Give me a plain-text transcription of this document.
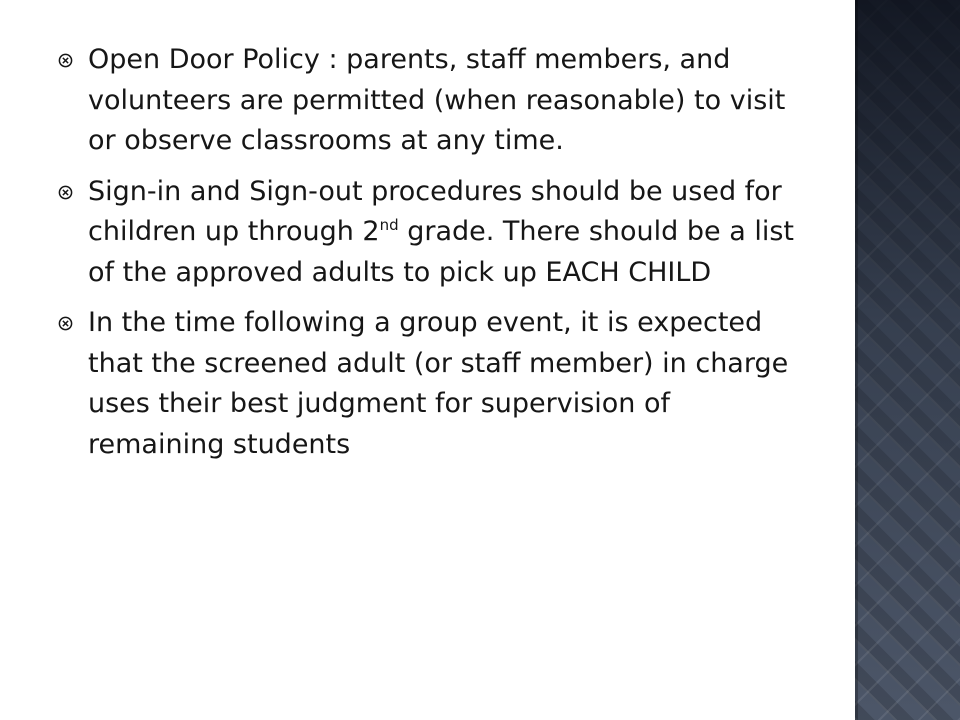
Open Door Policy : parents, staff members, and volunteers are permitted (when reasonable) to visit or observe classrooms at any time.
Sign-in and Sign-out procedures should be used for children up through 2nd grade. There should be a list of the approved adults to pick up EACH CHILD
In the time following a group event, it is expected that the screened adult (or staff member) in charge uses their best judgment for supervision of remaining students
